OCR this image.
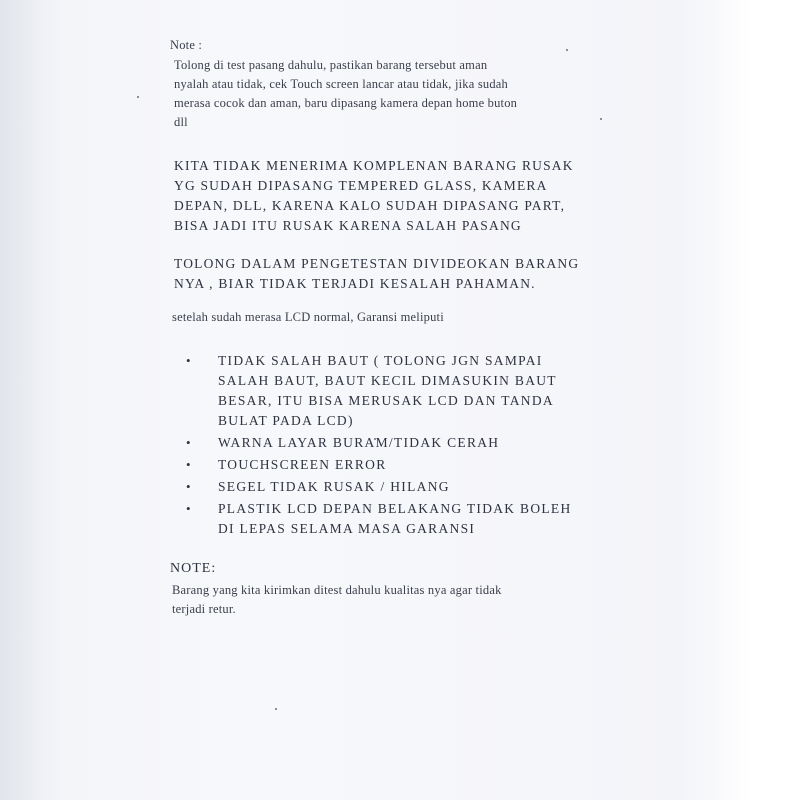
Note :
Tolong di test pasang dahulu, pastikan barang tersebut aman
nyalah atau tidak, cek Touch screen lancar atau tidak, jika sudah
merasa cocok dan aman, baru dipasang kamera depan home buton
dll
KITA TIDAK MENERIMA KOMPLENAN BARANG RUSAK
YG SUDAH DIPASANG TEMPERED GLASS, KAMERA
DEPAN, DLL, KARENA KALO SUDAH DIPASANG PART,
BISA JADI ITU RUSAK KARENA SALAH PASANG
TOLONG DALAM PENGETESTAN DIVIDEOKAN BARANG
NYA , BIAR TIDAK TERJADI KESALAH PAHAMAN.
setelah sudah merasa LCD normal, Garansi meliputi
•	TIDAK SALAH BAUT ( TOLONG JGN SAMPAI
SALAH BAUT, BAUT KECIL DIMASUKIN BAUT
BESAR, ITU BISA MERUSAK LCD DAN TANDA
BULAT PADA LCD)
•	WARNA LAYAR BURAM/TIDAK CERAH
•	TOUCHSCREEN ERROR
•	SEGEL TIDAK RUSAK / HILANG
•	PLASTIK LCD DEPAN BELAKANG TIDAK BOLEH
DI LEPAS SELAMA MASA GARANSI
NOTE:
Barang yang kita kirimkan ditest dahulu kualitas nya agar tidak
terjadi retur.
